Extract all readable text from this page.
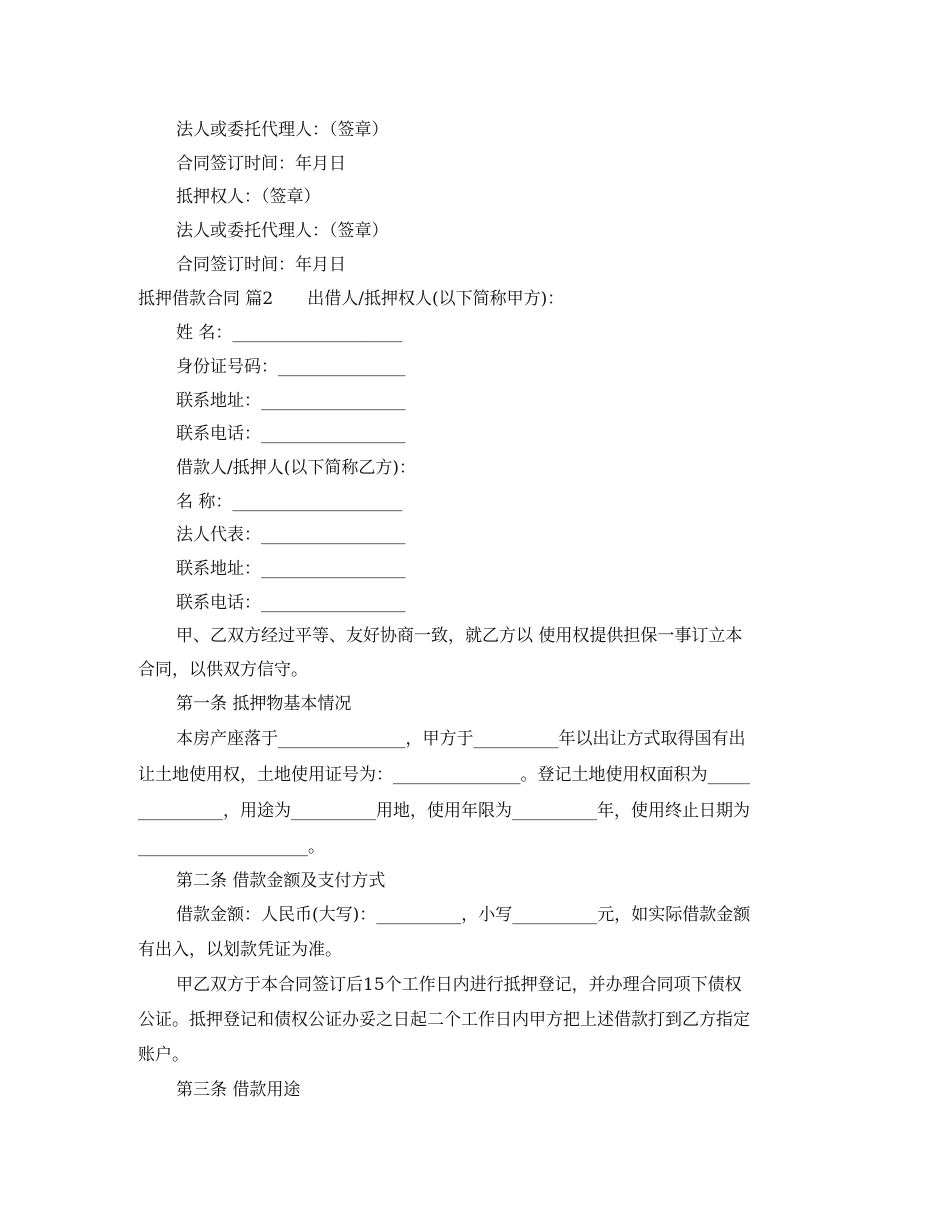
法人或委托代理人：（签章）
合同签订时间：年月日
抵押权人：（签章）
法人或委托代理人：（签章）
合同签订时间：年月日
抵押借款合同 篇2　　出借人/抵押权人(以下简称甲方)：
姓 名：____________________
身份证号码：_______________
联系地址：_________________
联系电话：_________________
借款人/抵押人(以下简称乙方)：
名 称：____________________
法人代表：_________________
联系地址：_________________
联系电话：_________________
甲、乙双方经过平等、友好协商一致，就乙方以 使用权提供担保一事订立本
合同，以供双方信守。
第一条 抵押物基本情况
本房产座落于_______________，甲方于__________年以出让方式取得国有出
让土地使用权，土地使用证号为：_______________。登记土地使用权面积为_____
__________，用途为__________用地，使用年限为__________年，使用终止日期为
____________________。
第二条 借款金额及支付方式
借款金额：人民币(大写)：__________，小写__________元，如实际借款金额
有出入，以划款凭证为准。
甲乙双方于本合同签订后15个工作日内进行抵押登记，并办理合同项下债权
公证。抵押登记和债权公证办妥之日起二个工作日内甲方把上述借款打到乙方指定
账户。
第三条 借款用途
